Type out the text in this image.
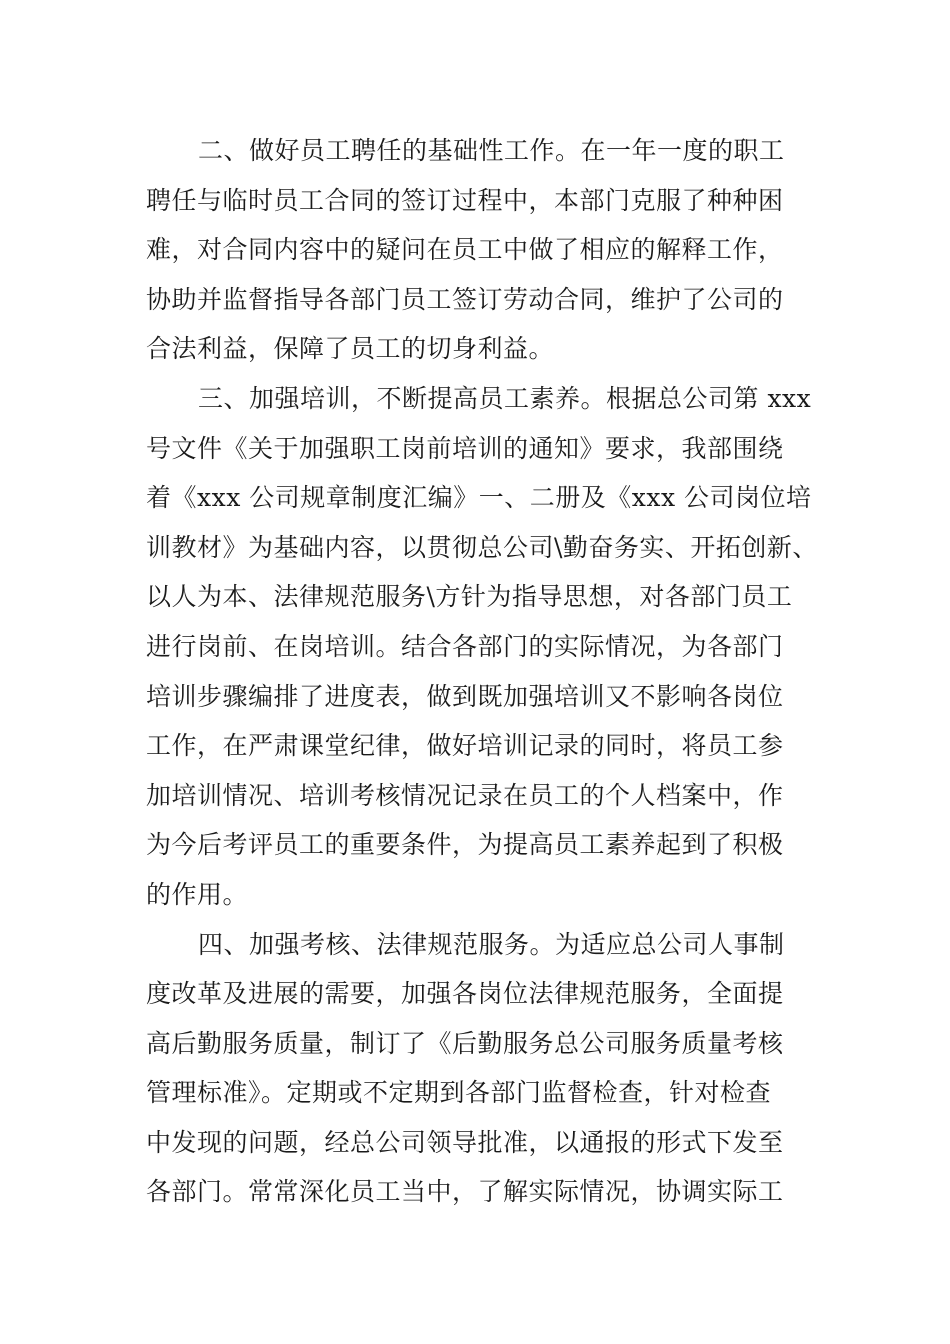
二、做好员工聘任的基础性工作。在一年一度的职工
聘任与临时员工合同的签订过程中，本部门克服了种种困
难，对合同内容中的疑问在员工中做了相应的解释工作，
协助并监督指导各部门员工签订劳动合同，维护了公司的
合法利益，保障了员工的切身利益。
三、加强培训，不断提高员工素养。根据总公司第 xxx
号文件《关于加强职工岗前培训的通知》要求，我部围绕
着《xxx 公司规章制度汇编》一、二册及《xxx 公司岗位培
训教材》为基础内容，以贯彻总公司\勤奋务实、开拓创新、
以人为本、法律规范服务\方针为指导思想，对各部门员工
进行岗前、在岗培训。结合各部门的实际情况，为各部门
培训步骤编排了进度表，做到既加强培训又不影响各岗位
工作，在严肃课堂纪律，做好培训记录的同时，将员工参
加培训情况、培训考核情况记录在员工的个人档案中，作
为今后考评员工的重要条件，为提高员工素养起到了积极
的作用。
四、加强考核、法律规范服务。为适应总公司人事制
度改革及进展的需要，加强各岗位法律规范服务，全面提
高后勤服务质量，制订了《后勤服务总公司服务质量考核
管理标准》。定期或不定期到各部门监督检查，针对检查
中发现的问题，经总公司领导批准，以通报的形式下发至
各部门。常常深化员工当中，了解实际情况，协调实际工
